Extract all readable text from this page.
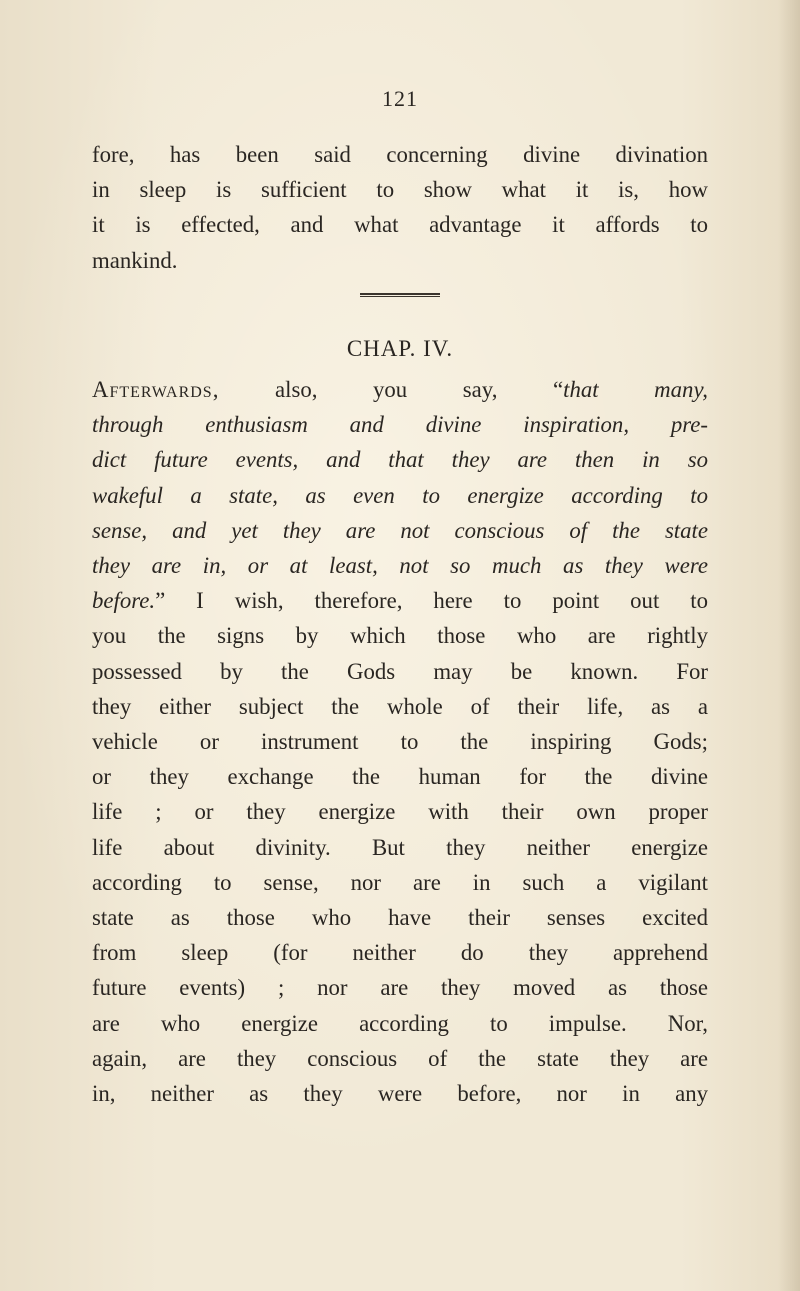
121
fore, has been said concerning divine divination
in sleep is sufficient to show what it is, how
it is effected, and what advantage it affords to
mankind.
CHAP. IV.
Afterwards, also, you say, “that many,
through enthusiasm and divine inspiration, pre-
dict future events, and that they are then in so
wakeful a state, as even to energize according to
sense, and yet they are not conscious of the state
they are in, or at least, not so much as they were
before.” I wish, therefore, here to point out to
you the signs by which those who are rightly
possessed by the Gods may be known. For
they either subject the whole of their life, as a
vehicle or instrument to the inspiring Gods;
or they exchange the human for the divine
life ; or they energize with their own proper
life about divinity. But they neither energize
according to sense, nor are in such a vigilant
state as those who have their senses excited
from sleep (for neither do they apprehend
future events) ; nor are they moved as those
are who energize according to impulse. Nor,
again, are they conscious of the state they are
in, neither as they were before, nor in any
